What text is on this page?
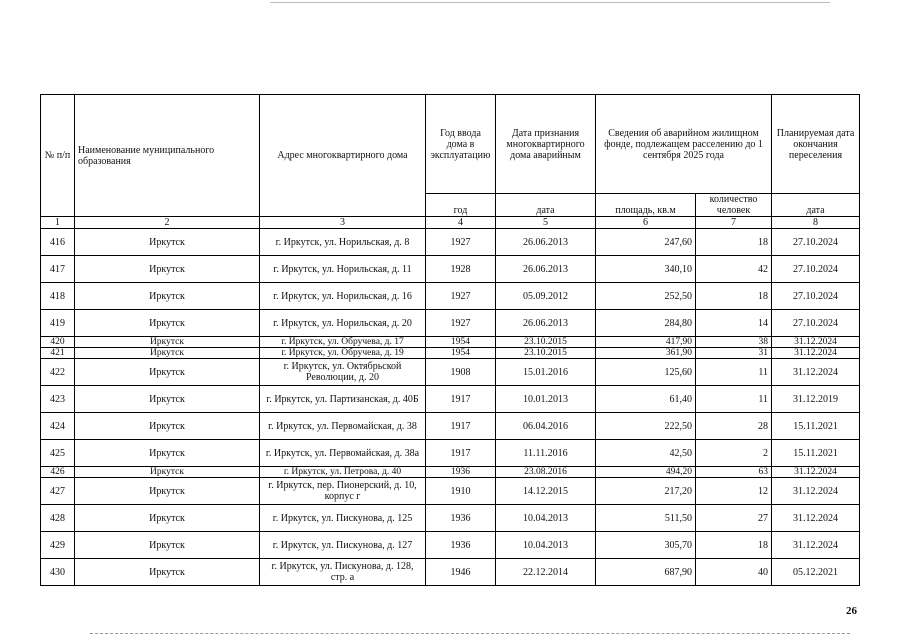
№ п/п	Наименование муниципального образования	Адрес многоквартирного дома	Год ввода дома в эксплуатацию	Дата признания многоквартирного дома аварийным	Сведения об аварийном жилищном фонде, подлежащем расселению до 1 сентября 2025 года		Планируемая дата окончания переселения
			год	дата	площадь, кв.м	количество человек	дата
1	2	3	4	5	6	7	8
416	Иркутск	г. Иркутск, ул. Норильская, д. 8	1927	26.06.2013	247,60	18	27.10.2024
417	Иркутск	г. Иркутск, ул. Норильская, д. 11	1928	26.06.2013	340,10	42	27.10.2024
418	Иркутск	г. Иркутск, ул. Норильская, д. 16	1927	05.09.2012	252,50	18	27.10.2024
419	Иркутск	г. Иркутск, ул. Норильская, д. 20	1927	26.06.2013	284,80	14	27.10.2024
420	Иркутск	г. Иркутск, ул. Обручева, д. 17	1954	23.10.2015	417,90	38	31.12.2024
421	Иркутск	г. Иркутск, ул. Обручева, д. 19	1954	23.10.2015	361,90	31	31.12.2024
422	Иркутск	г. Иркутск, ул. Октябрьской Революции, д. 20	1908	15.01.2016	125,60	11	31.12.2024
423	Иркутск	г. Иркутск, ул. Партизанская, д. 40Б	1917	10.01.2013	61,40	11	31.12.2019
424	Иркутск	г. Иркутск, ул. Первомайская, д. 38	1917	06.04.2016	222,50	28	15.11.2021
425	Иркутск	г. Иркутск, ул. Первомайская, д. 38а	1917	11.11.2016	42,50	2	15.11.2021
426	Иркутск	г. Иркутск, ул. Петрова, д. 40	1936	23.08.2016	494,20	63	31.12.2024
427	Иркутск	г. Иркутск, пер. Пионерский, д. 10, корпус г	1910	14.12.2015	217,20	12	31.12.2024
428	Иркутск	г. Иркутск, ул. Пискунова, д. 125	1936	10.04.2013	511,50	27	31.12.2024
429	Иркутск	г. Иркутск, ул. Пискунова, д. 127	1936	10.04.2013	305,70	18	31.12.2024
430	Иркутск	г. Иркутск, ул. Пискунова, д. 128, стр. а	1946	22.12.2014	687,90	40	05.12.2021
26
